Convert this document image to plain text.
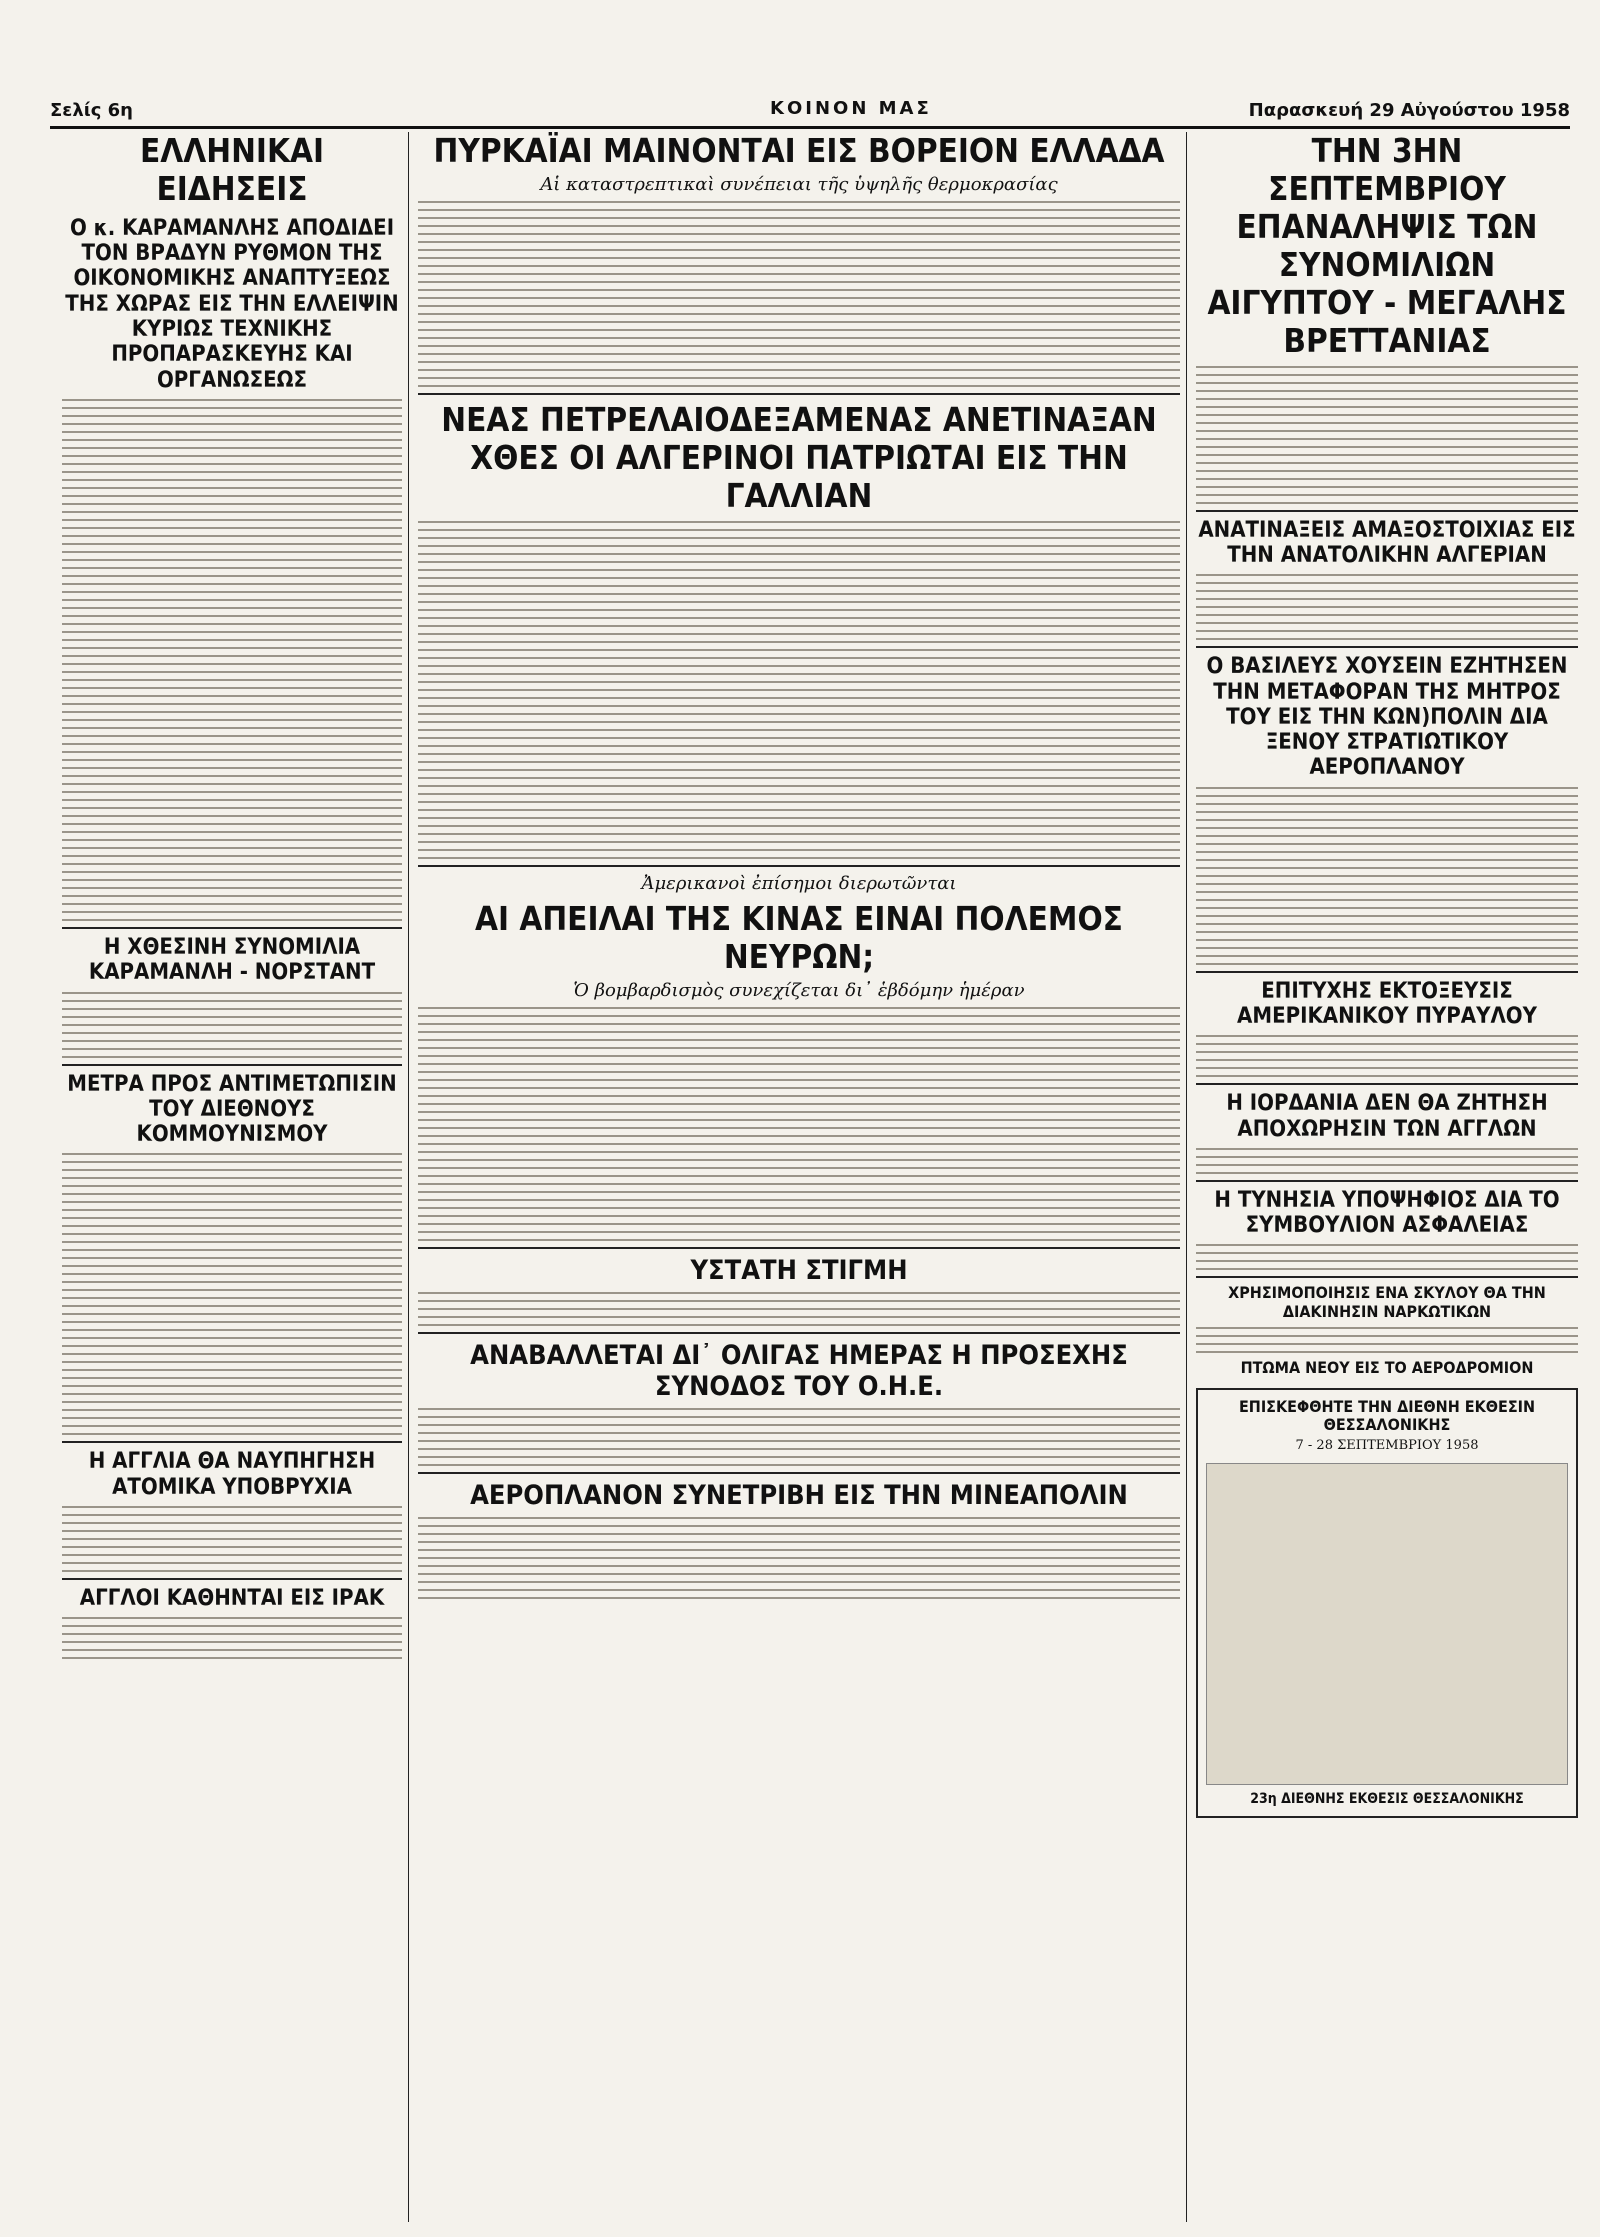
Σελίς 6η	ΚΟΙΝΟΝ ΜΑΣ	Παρασκευή 29 Αὐγούστου 1958
ΕΛΛΗΝΙΚΑΙ ΕΙΔΗΣΕΙΣ
Ο κ. ΚΑΡΑΜΑΝΛΗΣ ΑΠΟΔΙΔΕΙ ΤΟΝ ΒΡΑΔΥΝ ΡΥΘΜΟΝ ΤΗΣ ΟΙΚΟΝΟΜΙΚΗΣ ΑΝΑΠΤΥΞΕΩΣ ΤΗΣ ΧΩΡΑΣ ΕΙΣ ΤΗΝ ΕΛΛΕΙΨΙΝ ΚΥΡΙΩΣ ΤΕΧΝΙΚΗΣ ΠΡΟΠΑΡΑΣΚΕΥΗΣ ΚΑΙ ΟΡΓΑΝΩΣΕΩΣ
Η ΧΘΕΣΙΝΗ ΣΥΝΟΜΙΛΙΑ ΚΑΡΑΜΑΝΛΗ - ΝΟΡΣΤΑΝΤ
ΜΕΤΡΑ ΠΡΟΣ ΑΝΤΙΜΕΤΩΠΙΣΙΝ ΤΟΥ ΔΙΕΘΝΟΥΣ ΚΟΜΜΟΥΝΙΣΜΟΥ
Η ΑΓΓΛΙΑ ΘΑ ΝΑΥΠΗΓΗΣΗ ΑΤΟΜΙΚΑ ΥΠΟΒΡΥΧΙΑ
ΑΓΓΛΟΙ ΚΑΘΗΝΤΑΙ ΕΙΣ ΙΡΑΚ
ΠΥΡΚΑΪΑΙ ΜΑΙΝΟΝΤΑΙ ΕΙΣ ΒΟΡΕΙΟΝ ΕΛΛΑΔΑ
Αἱ καταστρεπτικαὶ συνέπειαι τῆς ὑψηλῆς θερμοκρασίας
ΝΕΑΣ ΠΕΤΡΕΛΑΙΟΔΕΞΑΜΕΝΑΣ ΑΝΕΤΙΝΑΞΑΝ ΧΘΕΣ ΟΙ ΑΛΓΕΡΙΝΟΙ ΠΑΤΡΙΩΤΑΙ ΕΙΣ ΤΗΝ ΓΑΛΛΙΑΝ
Ἀμερικανοὶ ἐπίσημοι διερωτῶνται
ΑΙ ΑΠΕΙΛΑΙ ΤΗΣ ΚΙΝΑΣ ΕΙΝΑΙ ΠΟΛΕΜΟΣ ΝΕΥΡΩΝ;
Ὁ βομβαρδισμὸς συνεχίζεται δι᾽ ἑβδόμην ἡμέραν
ΥΣΤΑΤΗ ΣΤΙΓΜΗ
ΑΝΑΒΑΛΛΕΤΑΙ ΔΙ᾽ ΟΛΙΓΑΣ ΗΜΕΡΑΣ Η ΠΡΟΣΕΧΗΣ ΣΥΝΟΔΟΣ ΤΟΥ Ο.Η.Ε.
ΑΕΡΟΠΛΑΝΟΝ ΣΥΝΕΤΡΙΒΗ ΕΙΣ ΤΗΝ ΜΙΝΕΑΠΟΛΙΝ
ΤΗΝ 3ΗΝ ΣΕΠΤΕΜΒΡΙΟΥ ΕΠΑΝΑΛΗΨΙΣ ΤΩΝ ΣΥΝΟΜΙΛΙΩΝ ΑΙΓΥΠΤΟΥ - ΜΕΓΑΛΗΣ ΒΡΕΤΤΑΝΙΑΣ
ΑΝΑΤΙΝΑΞΕΙΣ ΑΜΑΞΟΣΤΟΙΧΙΑΣ ΕΙΣ ΤΗΝ ΑΝΑΤΟΛΙΚΗΝ ΑΛΓΕΡΙΑΝ
Ο ΒΑΣΙΛΕΥΣ ΧΟΥΣΕΙΝ ΕΖΗΤΗΣΕΝ ΤΗΝ ΜΕΤΑΦΟΡΑΝ ΤΗΣ ΜΗΤΡΟΣ ΤΟΥ ΕΙΣ ΤΗΝ ΚΩΝ)ΠΟΛΙΝ ΔΙΑ ΞΕΝΟΥ ΣΤΡΑΤΙΩΤΙΚΟΥ ΑΕΡΟΠΛΑΝΟΥ
ΕΠΙΤΥΧΗΣ ΕΚΤΟΞΕΥΣΙΣ ΑΜΕΡΙΚΑΝΙΚΟΥ ΠΥΡΑΥΛΟΥ
Η ΙΟΡΔΑΝΙΑ ΔΕΝ ΘΑ ΖΗΤΗΣΗ ΑΠΟΧΩΡΗΣΙΝ ΤΩΝ ΑΓΓΛΩΝ
Η ΤΥΝΗΣΙΑ ΥΠΟΨΗΦΙΟΣ ΔΙΑ ΤΟ ΣΥΜΒΟΥΛΙΟΝ ΑΣΦΑΛΕΙΑΣ
ΧΡΗΣΙΜΟΠΟΙΗΣΙΣ ΕΝΑ ΣΚΥΛΟΥ ΘΑ ΤΗΝ ΔΙΑΚΙΝΗΣΙΝ ΝΑΡΚΩΤΙΚΩΝ
ΠΤΩΜΑ ΝΕΟΥ ΕΙΣ ΤΟ ΑΕΡΟΔΡΟΜΙΟΝ
ΕΠΙΣΚΕΦΘΗΤΕ ΤΗΝ ΔΙΕΘΝΗ ΕΚΘΕΣΙΝ ΘΕΣΣΑΛΟΝΙΚΗΣ
7 - 28 ΣΕΠΤΕΜΒΡΙΟΥ 1958
23η ΔΙΕΘΝΗΣ ΕΚΘΕΣΙΣ ΘΕΣΣΑΛΟΝΙΚΗΣ
